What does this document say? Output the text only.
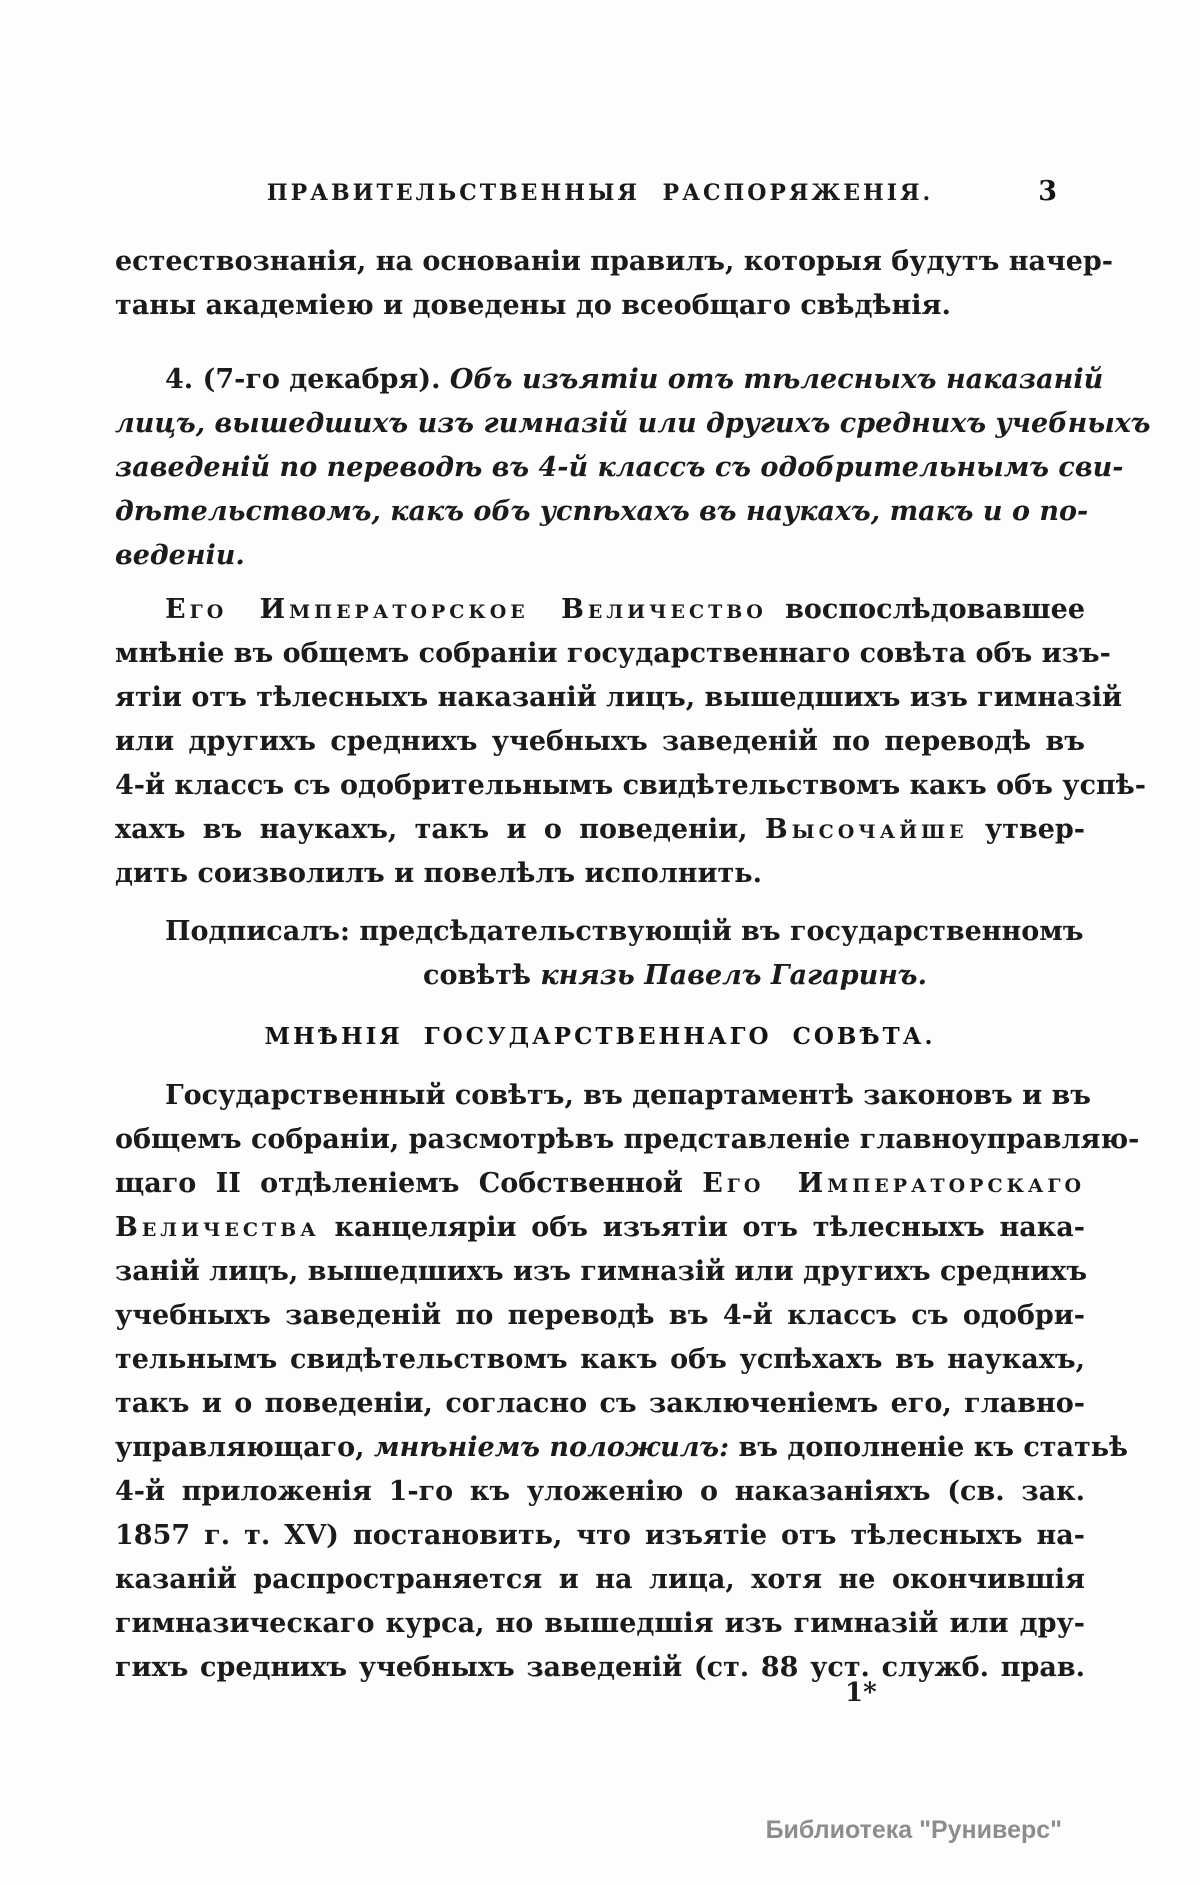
ПРАВИТЕЛЬСТВЕННЫЯ РАСПОРЯЖЕНІЯ.	3
естествознанія, на основаніи правилъ, которыя будутъ начер-
таны академіею и доведены до всеобщаго свѣдѣнія.
4. (7-го декабря). Объ изъятіи отъ тѣлесныхъ наказаній
лицъ, вышедшихъ изъ гимназій или другихъ среднихъ учебныхъ
заведеній по переводѣ въ 4-й классъ съ одобрительнымъ сви-
дѣтельствомъ, какъ объ успѣхахъ въ наукахъ, такъ и о по-
веденіи.
Его Императорское Величество воспослѣдовавшее
мнѣніе въ общемъ собраніи государственнаго совѣта объ изъ-
ятіи отъ тѣлесныхъ наказаній лицъ, вышедшихъ изъ гимназій
или другихъ среднихъ учебныхъ заведеній по переводѣ въ
4-й классъ съ одобрительнымъ свидѣтельствомъ какъ объ успѣ-
хахъ въ наукахъ, такъ и о поведеніи, Высочайше утвер-
дить соизволилъ и повелѣлъ исполнить.
Подписалъ: предсѣдательствующій въ государственномъ
совѣтѣ князь Павелъ Гагаринъ.
МНѢНІЯ ГОСУДАРСТВЕННАГО СОВѢТА.
Государственный совѣтъ, въ департаментѣ законовъ и въ
общемъ собраніи, разсмотрѣвъ представленіе главноуправляю-
щаго II отдѣленіемъ Собственной Его Императорскаго
Величества канцеляріи объ изъятіи отъ тѣлесныхъ нака-
заній лицъ, вышедшихъ изъ гимназій или другихъ среднихъ
учебныхъ заведеній по переводѣ въ 4-й классъ съ одобри-
тельнымъ свидѣтельствомъ какъ объ успѣхахъ въ наукахъ,
такъ и о поведеніи, согласно съ заключеніемъ его, главно-
управляющаго, мнѣніемъ положилъ: въ дополненіе къ статьѣ
4-й приложенія 1-го къ уложенію о наказаніяхъ (св. зак.
1857 г. т. XV) постановить, что изъятіе отъ тѣлесныхъ на-
казаній распространяется и на лица, хотя не окончившія
гимназическаго курса, но вышедшія изъ гимназій или дру-
гихъ среднихъ учебныхъ заведеній (ст. 88 уст. служб. прав.
1*
Библиотека "Руниверс"
